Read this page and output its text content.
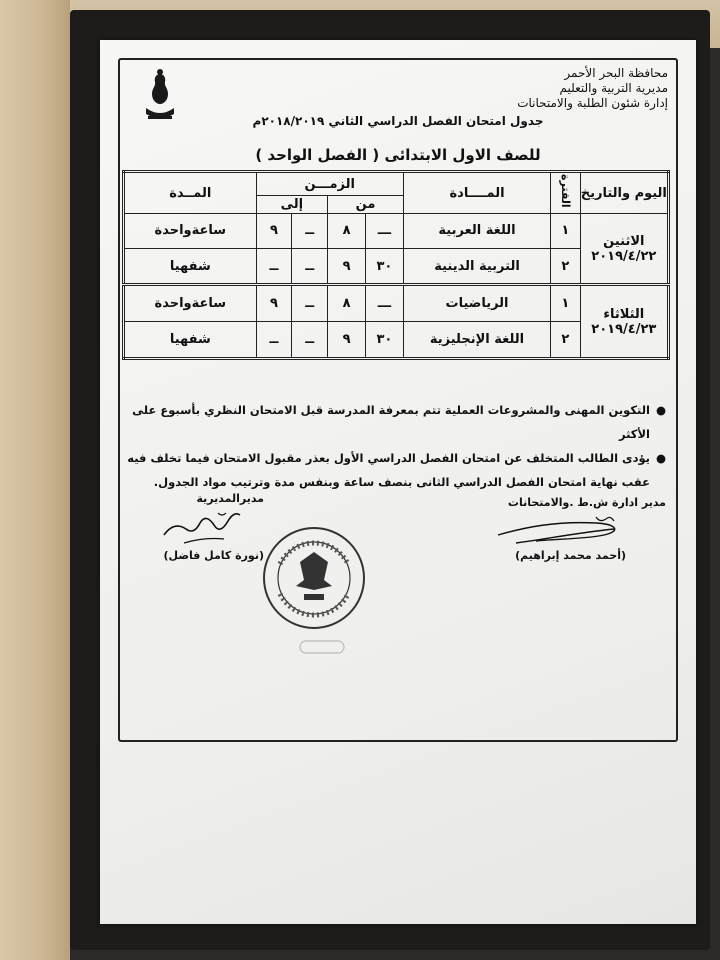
محافظة البحر الأحمر
مديرية التربية والتعليم
إدارة شئون الطلبة والامتحانات
جدول امتحان الفصل الدراسي الثاني ٢٠١٨/٢٠١٩م
للصف الاول الابتدائى ( الفصل الواحد )
اليوم والتاريخ	الفترة	المــــادة	الزمـــن				المــدة
			من		إلى		

الاثنين
٢٠١٩/٤/٢٢	١	اللغة العربية	ـــ	٨	ــ	٩	ساعةواحدة
	٢	التربية الدينية	٣٠	٩	ــ	ــ	شفهيا

الثلاثاء
٢٠١٩/٤/٢٣	١	الرياضيات	ـــ	٨	ــ	٩	ساعةواحدة
	٢	اللغة الإنجليزية	٣٠	٩	ــ	ــ	شفهيا
●
التكوين المهنى والمشروعات العملية تتم بمعرفة المدرسة قبل الامتحان النظري بأسبوع على الأكثر
●
يؤدى الطالب المتخلف عن امتحان الفصل الدراسي الأول بعذر مقبول الامتحان فيما تخلف فيه عقب نهاية امتحان الفصل الدراسي الثانى بنصف ساعة وبنفس مدة وترتيب مواد الجدول.
مدير ادارة ش.ط .والامتحانات
(أحمد محمد إبراهيم)
مديرالمديرية
(نورة كامل فاضل)
